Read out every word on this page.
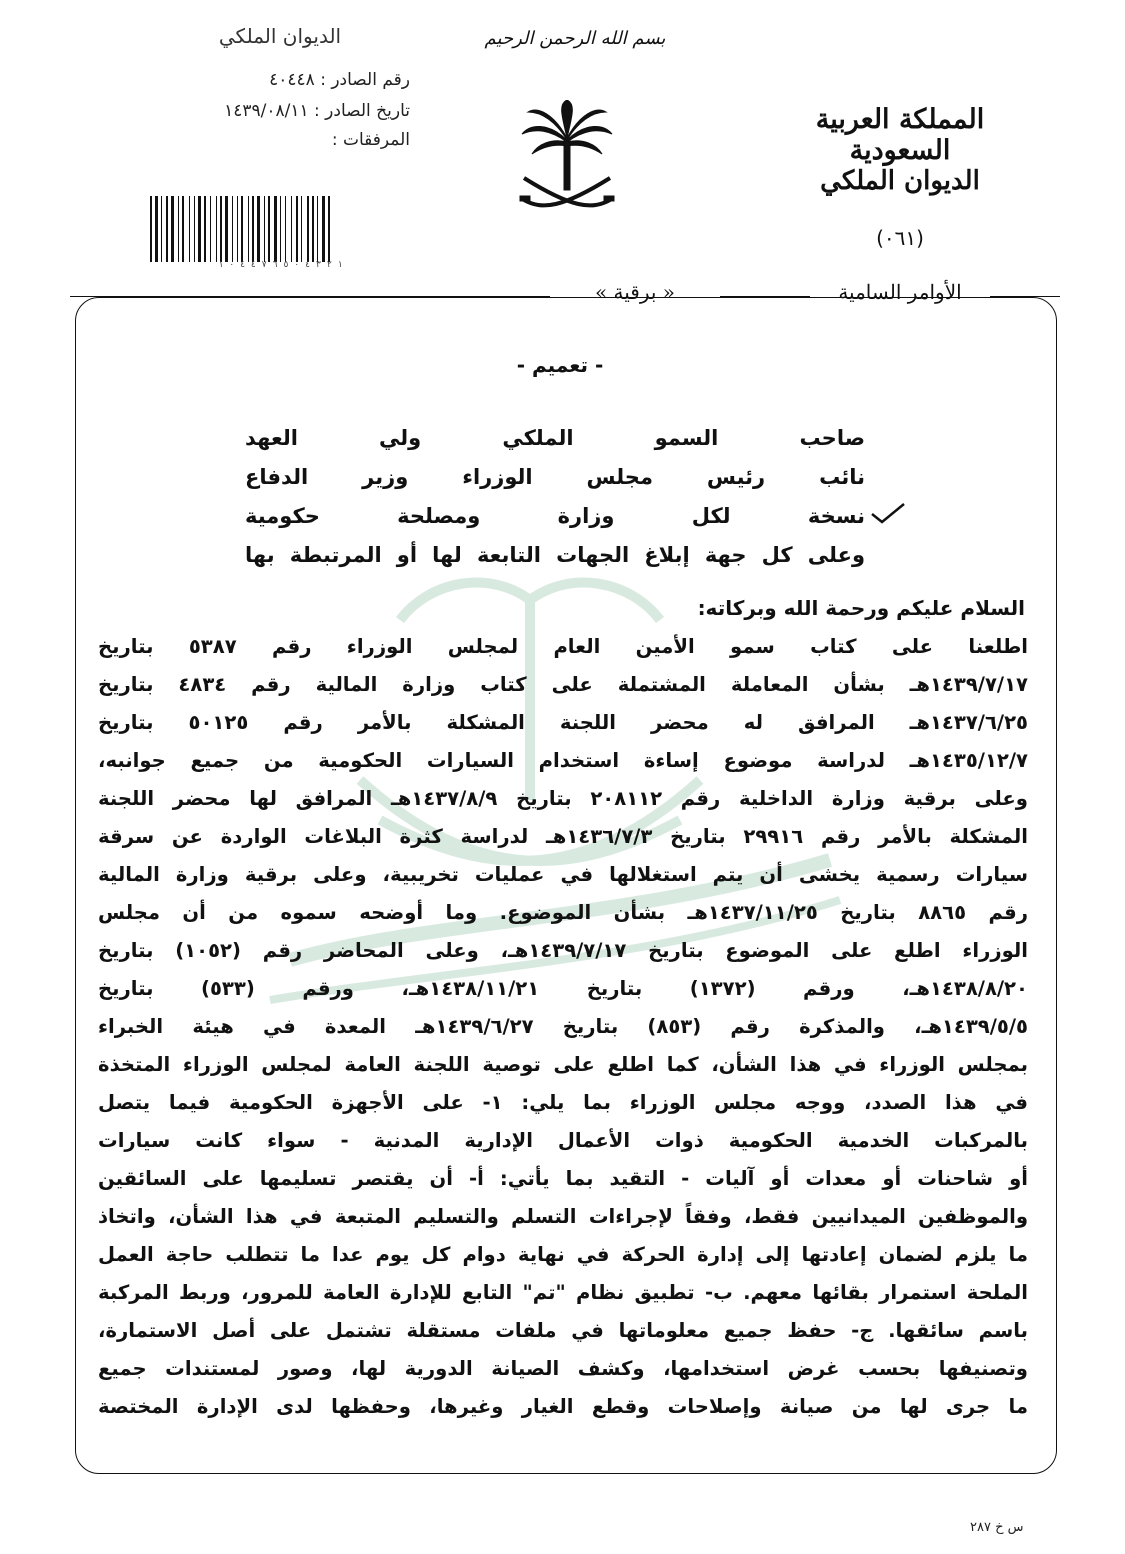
بسم الله الرحمن الرحيم
الديوان الملكي
رقم الصادر : ٤٠٤٤٨
تاريخ الصادر : ١٤٣٩/٠٨/١١
المرفقات :
١ ٢ ٣ ٤ ٠ ٥ ٦ ٧ ٤ ٤ ٠ ١
المملكة العربية السعودية
الديوان الملكي
(٠٦١)
« برقية »	الأوامر السامية
- تعميم -
صاحب السمو الملكي ولي العهد
نائب رئيس مجلس الوزراء وزير الدفاع
نسخة لكل وزارة ومصلحة حكومية
وعلى كل جهة إبلاغ الجهات التابعة لها أو المرتبطة بها
السلام عليكم ورحمة الله وبركاته:
اطلعنا على كتاب سمو الأمين العام لمجلس الوزراء رقم ٥٣٨٧ بتاريخ
١٤٣٩/٧/١٧هـ بشأن المعاملة المشتملة على كتاب وزارة المالية رقم ٤٨٣٤ بتاريخ
١٤٣٧/٦/٢٥هـ المرافق له محضر اللجنة المشكلة بالأمر رقم ٥٠١٢٥ بتاريخ
١٤٣٥/١٢/٧هـ لدراسة موضوع إساءة استخدام السيارات الحكومية من جميع جوانبه،
وعلى برقية وزارة الداخلية رقم ٢٠٨١١٢ بتاريخ ١٤٣٧/٨/٩هـ المرافق لها محضر اللجنة
المشكلة بالأمر رقم ٢٩٩١٦ بتاريخ ١٤٣٦/٧/٣هـ لدراسة كثرة البلاغات الواردة عن سرقة
سيارات رسمية يخشى أن يتم استغلالها في عمليات تخريبية، وعلى برقية وزارة المالية
رقم ٨٨٦٥ بتاريخ ١٤٣٧/١١/٢٥هـ بشأن الموضوع. وما أوضحه سموه من أن مجلس
الوزراء اطلع على الموضوع بتاريخ ١٤٣٩/٧/١٧هـ، وعلى المحاضر رقم (١٠٥٢) بتاريخ
١٤٣٨/٨/٢٠هـ، ورقم (١٣٧٢) بتاريخ ١٤٣٨/١١/٢١هـ، ورقم (٥٣٣) بتاريخ
١٤٣٩/٥/٥هـ، والمذكرة رقم (٨٥٣) بتاريخ ١٤٣٩/٦/٢٧هـ المعدة في هيئة الخبراء
بمجلس الوزراء في هذا الشأن، كما اطلع على توصية اللجنة العامة لمجلس الوزراء المتخذة
في هذا الصدد، ووجه مجلس الوزراء بما يلي: ١- على الأجهزة الحكومية فيما يتصل
بالمركبات الخدمية الحكومية ذوات الأعمال الإدارية المدنية - سواء كانت سيارات
أو شاحنات أو معدات أو آليات - التقيد بما يأتي: أ- أن يقتصر تسليمها على السائقين
والموظفين الميدانيين فقط، وفقاً لإجراءات التسلم والتسليم المتبعة في هذا الشأن، واتخاذ
ما يلزم لضمان إعادتها إلى إدارة الحركة في نهاية دوام كل يوم عدا ما تتطلب حاجة العمل
الملحة استمرار بقائها معهم. ب- تطبيق نظام "تم" التابع للإدارة العامة للمرور، وربط المركبة
باسم سائقها. ج- حفظ جميع معلوماتها في ملفات مستقلة تشتمل على أصل الاستمارة،
وتصنيفها بحسب غرض استخدامها، وكشف الصيانة الدورية لها، وصور لمستندات جميع
ما جرى لها من صيانة وإصلاحات وقطع الغيار وغيرها، وحفظها لدى الإدارة المختصة
س خ ٢٨٧
